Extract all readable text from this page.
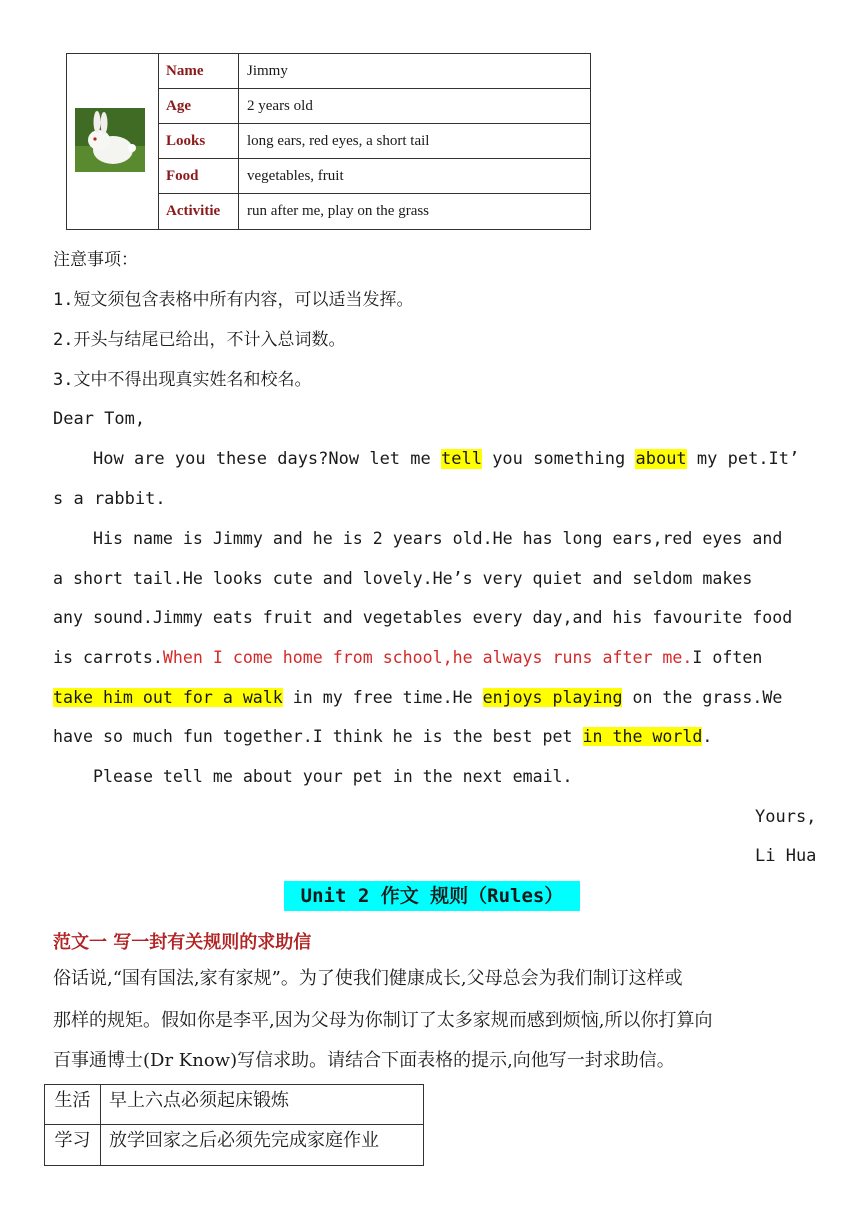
Name	Jimmy
Age	2 years old
Looks	long ears, red eyes, a short tail
Food	vegetables, fruit
Activitie	run after me, play on the grass
注意事项：
1.短文须包含表格中所有内容，可以适当发挥。
2.开头与结尾已给出，不计入总词数。
3.文中不得出现真实姓名和校名。
Dear Tom,
How are you these days?Now let me tell you something about my pet.It’
s a rabbit.
His name is Jimmy and he is 2 years old.He has long ears,red eyes and
a short tail.He looks cute and lovely.He’s very quiet and seldom makes
any sound.Jimmy eats fruit and vegetables every day,and his favourite food
is carrots.When I come home from school,he always runs after me.I often
take him out for a walk in my free time.He enjoys playing on the grass.We
have so much fun together.I think he is the best pet in the world.
Please tell me about your pet in the next email.
Yours,
Li Hua
Unit 2 作文 规则（Rules）
范文一 写一封有关规则的求助信
俗话说,“国有国法,家有家规”。为了使我们健康成长,父母总会为我们制订这样或
那样的规矩。假如你是李平,因为父母为你制订了太多家规而感到烦恼,所以你打算向
百事通博士(Dr Know)写信求助。请结合下面表格的提示,向他写一封求助信。
生活	早上六点必须起床锻炼
学习	放学回家之后必须先完成家庭作业
